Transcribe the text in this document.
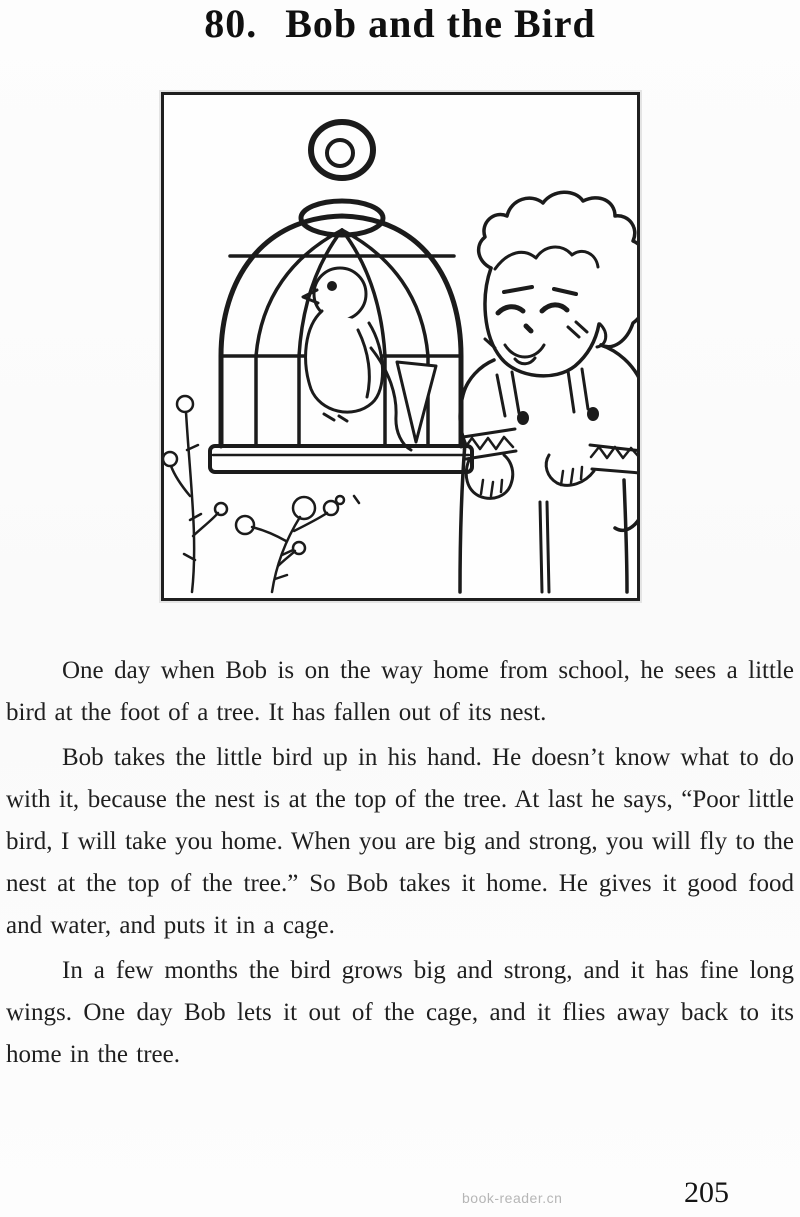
80. Bob and the Bird

One day when Bob is on the way home from school, he sees a little bird at the foot of a tree. It has fallen out of its nest.

Bob takes the little bird up in his hand. He doesn’t know what to do with it, because the nest is at the top of the tree. At last he says, “Poor little bird, I will take you home. When you are big and strong, you will fly to the nest at the top of the tree.” So Bob takes it home. He gives it good food and water, and puts it in a cage.

In a few months the bird grows big and strong, and it has fine long wings. One day Bob lets it out of the cage, and it flies away back to its home in the tree.

book-reader.cn	205
